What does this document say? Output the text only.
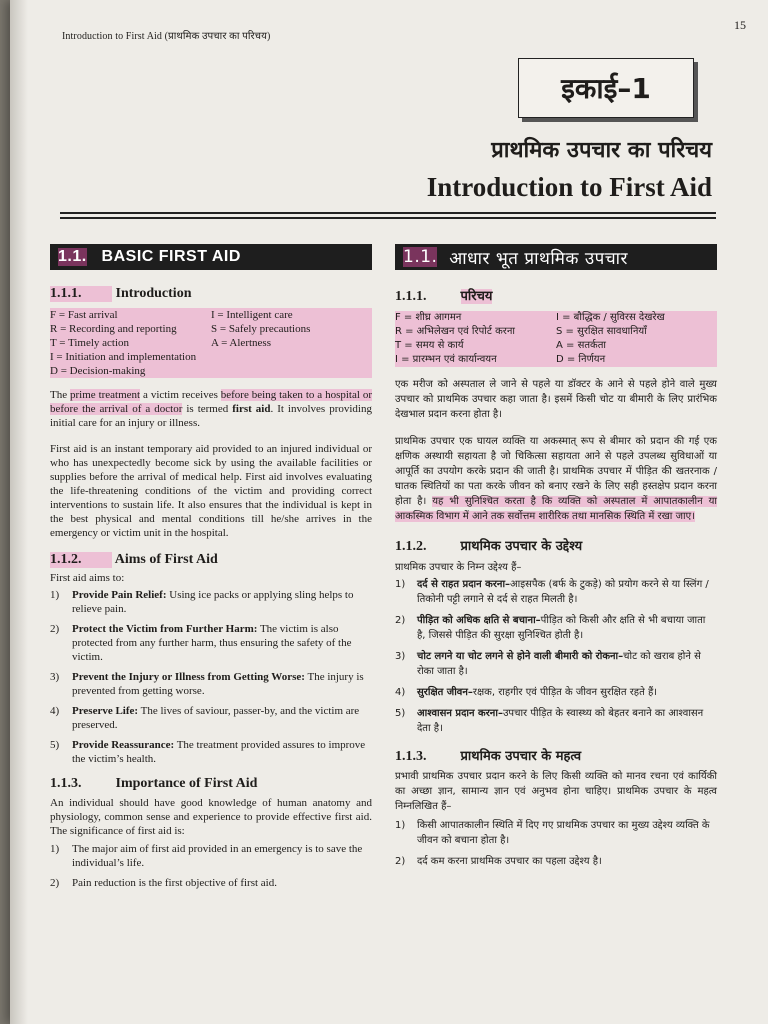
Introduction to First Aid (प्राथमिक उपचार का परिचय)
15
इकाई–1
प्राथमिक उपचार का परिचय
Introduction to First Aid
1.1.
BASIC FIRST AID
1.1.1. Introduction
F = Fast arrival	I = Intelligent care
R = Recording and reporting	S = Safely precautions
T = Timely action	A = Alertness
I = Initiation and implementation
D = Decision-making

The prime treatment a victim receives before being taken to a hospital or before the arrival of a doctor is termed first aid. It involves providing initial care for an injury or illness.

First aid is an instant temporary aid provided to an injured individual or who has unexpectedly become sick by using the available facilities or supplies before the arrival of medical help. First aid involves evaluating the life-threatening conditions of the victim and providing correct interventions to sustain life. It also ensures that the individual is kept in the best physical and mental conditions till he/she arrives in the emergency or victim unit in the hospital.

1.1.2. Aims of First Aid
First aid aims to:
1) Provide Pain Relief: Using ice packs or applying sling helps to relieve pain.
2) Protect the Victim from Further Harm: The victim is also protected from any further harm, thus ensuring the safety of the victim.
3) Prevent the Injury or Illness from Getting Worse: The injury is prevented from getting worse.
4) Preserve Life: The lives of saviour, passer-by, and the victim are preserved.
5) Provide Reassurance: The treatment provided assures to improve the victim’s health.
1.1.3. Importance of First Aid

An individual should have good knowledge of human anatomy and physiology, common sense and experience to provide effective first aid. The significance of first aid is:

1) The major aim of first aid provided in an emergency is to save the individual’s life.
2) Pain reduction is the first objective of first aid.
1.1.
आधार भूत प्राथमिक उपचार
1.1.1.	परिचय
F = शीघ्र आगमन	I = बौद्धिक / सुविरस देखरेख
R = अभिलेखन एवं रिपोर्ट करना	S = सुरक्षित सावधानियाँ
T = समय से कार्य	A = सतर्कता
I = प्रारम्भन एवं कार्यान्वयन	D = निर्णयन

एक मरीज को अस्पताल ले जाने से पहले या डॉक्टर के आने से पहले होने वाले मुख्य उपचार को प्राथमिक उपचार कहा जाता है। इसमें किसी चोट या बीमारी के लिए प्रारंभिक देखभाल प्रदान करना होता है।

प्राथमिक उपचार एक घायल व्यक्ति या अकस्मात् रूप से बीमार को प्रदान की गई एक क्षणिक अस्थायी सहायता है जो चिकित्सा सहायता आने से पहले उपलब्ध सुविधाओं या आपूर्ति का उपयोग करके प्रदान की जाती है। प्राथमिक उपचार में पीड़ित की खतरनाक / घातक स्थितियों का पता करके जीवन को बनाए रखने के लिए सही हस्तक्षेप प्रदान करना होता है। यह भी सुनिश्चित करता है कि व्यक्ति को अस्पताल में आपातकालीन या आकस्मिक विभाग में आने तक सर्वोत्तम शारीरिक तथा मानसिक स्थिति में रखा जाए।

1.1.2.	प्राथमिक उपचार के उद्देश्य
प्राथमिक उपचार के निम्न उद्देश्य हैं–
1) दर्द से राहत प्रदान करना–आइसपैक (बर्फ के टुकड़े) को प्रयोग करने से या स्लिंग / तिकोनी पट्टी लगाने से दर्द से राहत मिलती है।
2) पीड़ित को अधिक क्षति से बचाना–पीड़ित को किसी और क्षति से भी बचाया जाता है, जिससे पीड़ित की सुरक्षा सुनिश्चित होती है।
3) चोट लगने या चोट लगने से होने वाली बीमारी को रोकना–चोट को खराब होने से रोका जाता है।
4) सुरक्षित जीवन–रक्षक, राहगीर एवं पीड़ित के जीवन सुरक्षित रहते हैं।
5) आश्वासन प्रदान करना–उपचार पीड़ित के स्वास्थ्य को बेहतर बनाने का आश्वासन देता है।
1.1.3.	प्राथमिक उपचार के महत्व

प्रभावी प्राथमिक उपचार प्रदान करने के लिए किसी व्यक्ति को मानव रचना एवं कार्यिकी का अच्छा ज्ञान, सामान्य ज्ञान एवं अनुभव होना चाहिए। प्राथमिक उपचार के महत्व निम्नलिखित हैं–

1) किसी आपातकालीन स्थिति में दिए गए प्राथमिक उपचार का मुख्य उद्देश्य व्यक्ति के जीवन को बचाना होता है।
2) दर्द कम करना प्राथमिक उपचार का पहला उद्देश्य है।
